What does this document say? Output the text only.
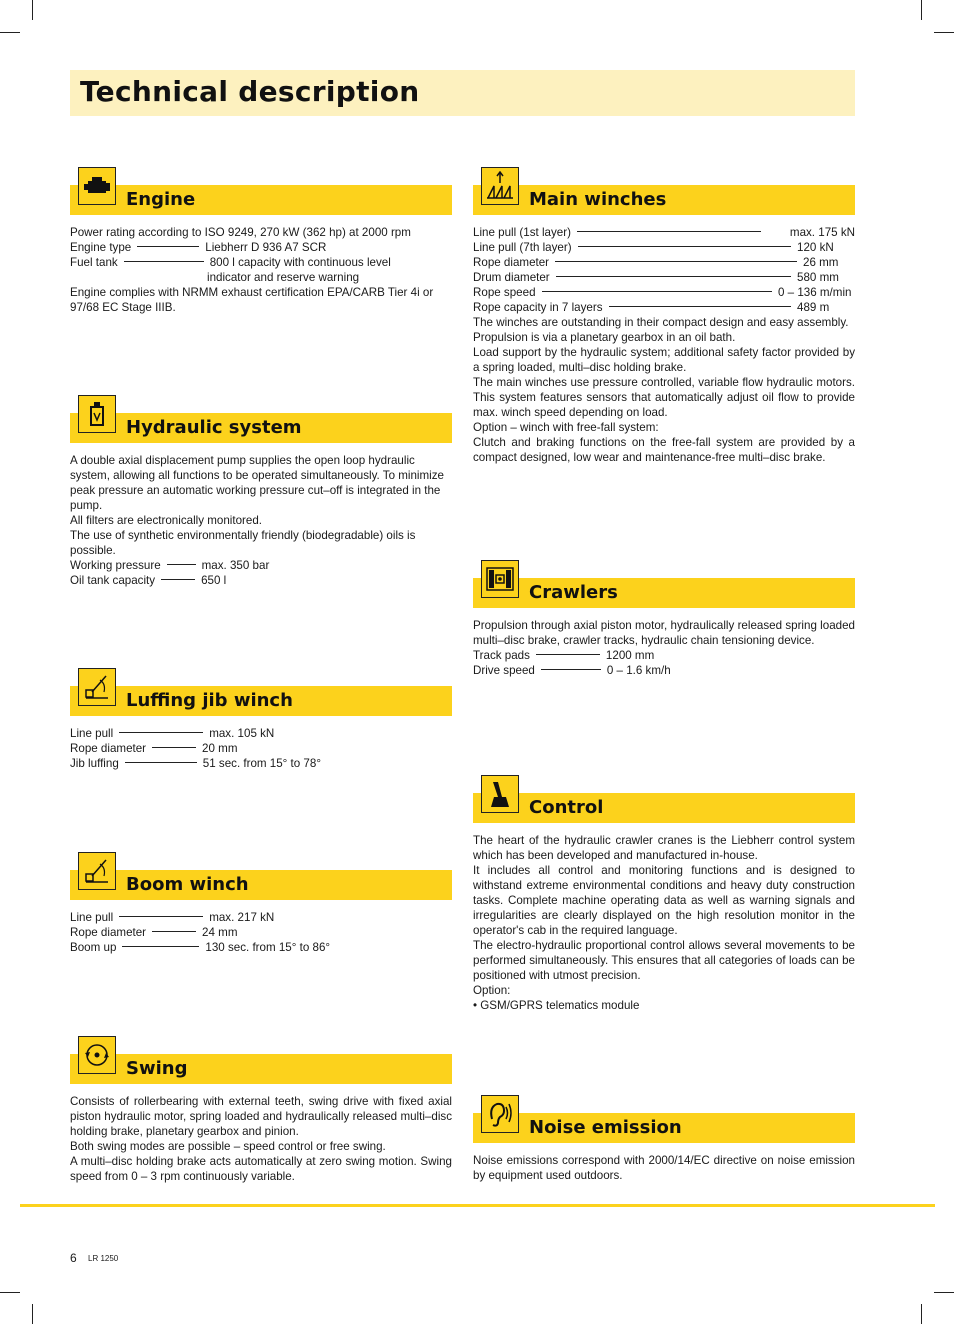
Technical description
Engine

Power rating according to ISO 9249, 270 kW (362 hp) at 2000 rpm

Engine type	Liebherr D 936 A7 SCR
Fuel tank	800 l capacity with continuous level

indicator and reserve warning

Engine complies with NRMM exhaust certification EPA/CARB Tier 4i or 97/68 EC Stage IIIB.

Hydraulic system

A double axial displacement pump supplies the open loop hydraulic system, allowing all functions to be operated simultaneously. To minimize peak pressure an automatic working pressure cut–off is integrated in the pump.

All filters are electronically monitored.

The use of synthetic environmentally friendly (biodegradable) oils is possible.

Working pressure	max. 350 bar
Oil tank capacity	650 l
Luffing jib winch
Line pull	max. 105 kN
Rope diameter	20 mm
Jib luffing	51 sec. from 15° to 78°
Boom winch
Line pull	max. 217 kN
Rope diameter	24 mm
Boom up	130 sec. from 15° to 86°
Swing

Consists of rollerbearing with external teeth, swing drive with fixed axial piston hydraulic motor, spring loaded and hydraulically released multi–disc holding brake, planetary gearbox and pinion.

Both swing modes are possible – speed control or free swing.

A multi–disc holding brake acts automatically at zero swing motion. Swing speed from 0 – 3 rpm continuously variable.

Main winches
Line pull (1st layer)	max. 175 kN
Line pull (7th layer)	120 kN
Rope diameter	26 mm
Drum diameter	580 mm
Rope speed	0 – 136 m/min
Rope capacity in 7 layers	489 m

The winches are outstanding in their compact design and easy assembly.

Propulsion is via a planetary gearbox in an oil bath.

Load support by the hydraulic system; additional safety factor provided by a spring loaded, multi–disc holding brake.

The main winches use pressure controlled, variable flow hydraulic motors. This system features sensors that automatically adjust oil flow to provide max. winch speed depending on load.

Option – winch with free-fall system:

Clutch and braking functions on the free-fall system are provided by a compact designed, low wear and maintenance-free multi–disc brake.

Crawlers

Propulsion through axial piston motor, hydraulically released spring loaded multi–disc brake, crawler tracks, hydraulic chain tensioning device.

Track pads	1200 mm
Drive speed	0 – 1.6 km/h
Control

The heart of the hydraulic crawler cranes is the Liebherr control system which has been developed and manufactured in-house.

It includes all control and monitoring functions and is designed to withstand extreme environmental conditions and heavy duty construction tasks. Complete machine operating data as well as warning signals and irregularities are clearly displayed on the high resolution monitor in the operator's cab in the required language.

The electro-hydraulic proportional control allows several movements to be performed simultaneously. This ensures that all categories of loads can be positioned with utmost precision.

Option:

• GSM/GPRS telematics module

Noise emission

Noise emissions correspond with 2000/14/EC directive on noise emission by equipment used outdoors.

6 LR 1250
